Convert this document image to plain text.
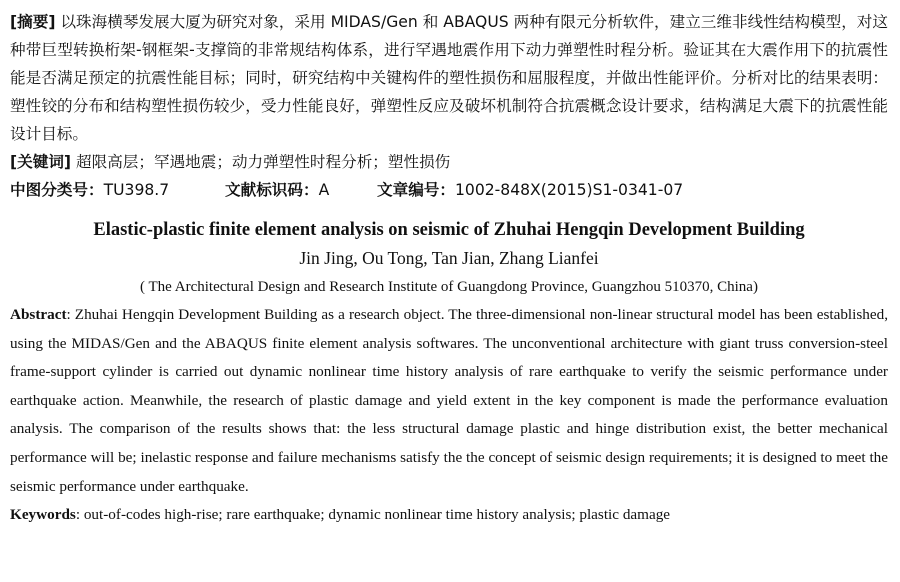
[摘要] 以珠海横琴发展大厦为研究对象，采用 MIDAS/Gen 和 ABAQUS 两种有限元分析软件，建立三维非线性结构模型，对这种带巨型转换桁架-钢框架-支撑筒的非常规结构体系，进行罕遇地震作用下动力弹塑性时程分析。验证其在大震作用下的抗震性能是否满足预定的抗震性能目标；同时，研究结构中关键构件的塑性损伤和屈服程度，并做出性能评价。分析对比的结果表明：塑性铰的分布和结构塑性损伤较少，受力性能良好，弹塑性反应及破坏机制符合抗震概念设计要求，结构满足大震下的抗震性能设计目标。

[关键词] 超限高层；罕遇地震；动力弹塑性时程分析；塑性损伤

中图分类号：TU398.7	文献标识码：A	文章编号：1002-848X(2015)S1-0341-07
Elastic-plastic finite element analysis on seismic of Zhuhai Hengqin Development Building
Jin Jing, Ou Tong, Tan Jian, Zhang Lianfei
( The Architectural Design and Research Institute of Guangdong Province, Guangzhou 510370, China)

Abstract: Zhuhai Hengqin Development Building as a research object. The three-dimensional non-linear structural model has been established, using the MIDAS/Gen and the ABAQUS finite element analysis softwares. The unconventional architecture with giant truss conversion-steel frame-support cylinder is carried out dynamic nonlinear time history analysis of rare earthquake to verify the seismic performance under earthquake action. Meanwhile, the research of plastic damage and yield extent in the key component is made the performance evaluation analysis. The comparison of the results shows that: the less structural damage plastic and hinge distribution exist, the better mechanical performance will be; inelastic response and failure mechanisms satisfy the the concept of seismic design requirements; it is designed to meet the seismic performance under earthquake.

Keywords: out-of-codes high-rise; rare earthquake; dynamic nonlinear time history analysis; plastic damage
